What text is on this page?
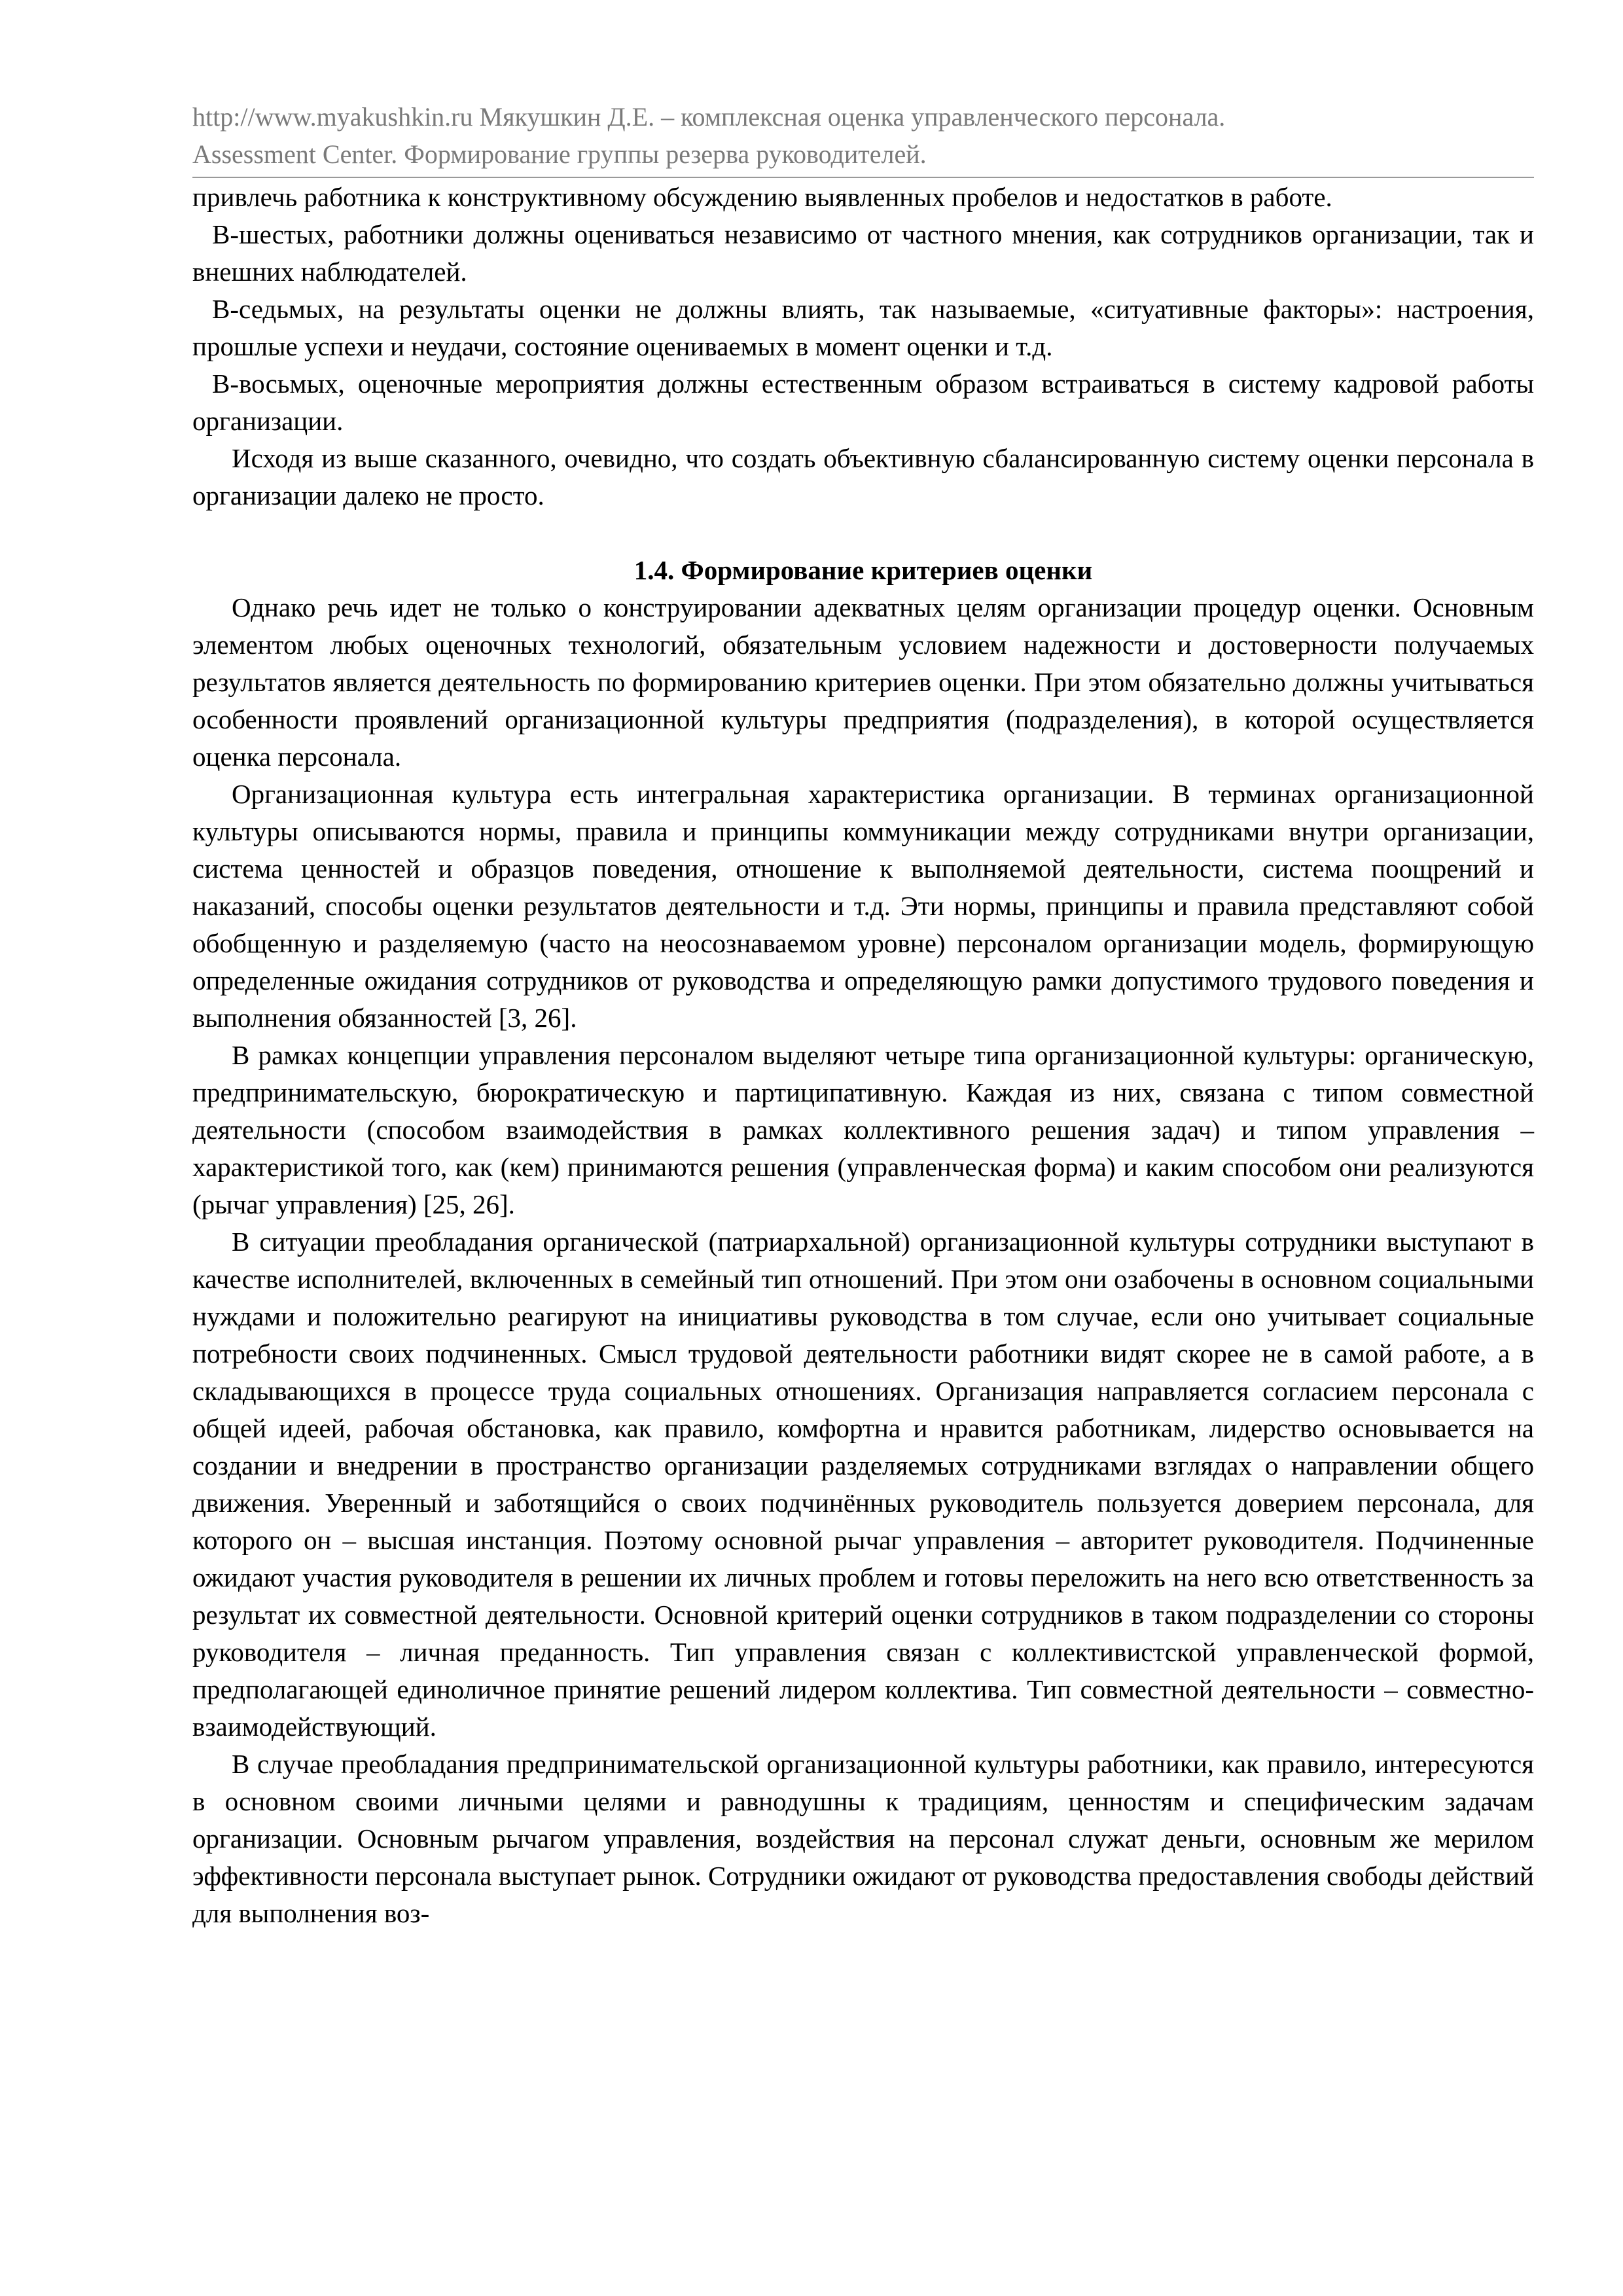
http://www.myakushkin.ru Мякушкин Д.Е. – комплексная оценка управленческого персонала.
Assessment Center. Формирование группы резерва руководителей.

привлечь работника к конструктивному обсуждению выявленных пробелов и недостатков в работе.

В-шестых, работники должны оцениваться независимо от частного мнения, как сотрудников организации, так и внешних наблюдателей.

В-седьмых, на результаты оценки не должны влиять, так называемые, «ситуативные факторы»: настроения, прошлые успехи и неудачи, состояние оцениваемых в момент оценки и т.д.

В-восьмых, оценочные мероприятия должны естественным образом встраиваться в систему кадровой работы организации.

Исходя из выше сказанного, очевидно, что создать объективную сбалансированную систему оценки персонала в организации далеко не просто.

1.4. Формирование критериев оценки

Однако речь идет не только о конструировании адекватных целям организации процедур оценки. Основным элементом любых оценочных технологий, обязательным условием надежности и достоверности получаемых результатов является деятельность по формированию критериев оценки. При этом обязательно должны учитываться особенности проявлений организационной культуры предприятия (подразделения), в которой осуществляется оценка персонала.

Организационная культура есть интегральная характеристика организации. В терминах организационной культуры описываются нормы, правила и принципы коммуникации между сотрудниками внутри организации, система ценностей и образцов поведения, отношение к выполняемой деятельности, система поощрений и наказаний, способы оценки результатов деятельности и т.д. Эти нормы, принципы и правила представляют собой обобщенную и разделяемую (часто на неосознаваемом уровне) персоналом организации модель, формирующую определенные ожидания сотрудников от руководства и определяющую рамки допустимого трудового поведения и выполнения обязанностей [3, 26].

В рамках концепции управления персоналом выделяют четыре типа организационной культуры: органическую, предпринимательскую, бюрократическую и партиципативную. Каждая из них, связана с типом совместной деятельности (способом взаимодействия в рамках коллективного решения задач) и типом управления – характеристикой того, как (кем) принимаются решения (управленческая форма) и каким способом они реализуются (рычаг управления) [25, 26].

В ситуации преобладания органической (патриархальной) организационной культуры сотрудники выступают в качестве исполнителей, включенных в семейный тип отношений. При этом они озабочены в основном социальными нуждами и положительно реагируют на инициативы руководства в том случае, если оно учитывает социальные потребности своих подчиненных. Смысл трудовой деятельности работники видят скорее не в самой работе, а в складывающихся в процессе труда социальных отношениях. Организация направляется согласием персонала с общей идеей, рабочая обстановка, как правило, комфортна и нравится работникам, лидерство основывается на создании и внедрении в пространство организации разделяемых сотрудниками взглядах о направлении общего движения. Уверенный и заботящийся о своих подчинённых руководитель пользуется доверием персонала, для которого он – высшая инстанция. Поэтому основной рычаг управления – авторитет руководителя. Подчиненные ожидают участия руководителя в решении их личных проблем и готовы переложить на него всю ответственность за результат их совместной деятельности. Основной критерий оценки сотрудников в таком подразделении со стороны руководителя – личная преданность. Тип управления связан с коллективистской управленческой формой, предполагающей единоличное принятие решений лидером коллектива. Тип совместной деятельности – совместно-взаимодействующий.

В случае преобладания предпринимательской организационной культуры работники, как правило, интересуются в основном своими личными целями и равнодушны к традициям, ценностям и специфическим задачам организации. Основным рычагом управления, воздействия на персонал служат деньги, основным же мерилом эффективности персонала выступает рынок. Сотрудники ожидают от руководства предоставления свободы действий для выполнения воз-
